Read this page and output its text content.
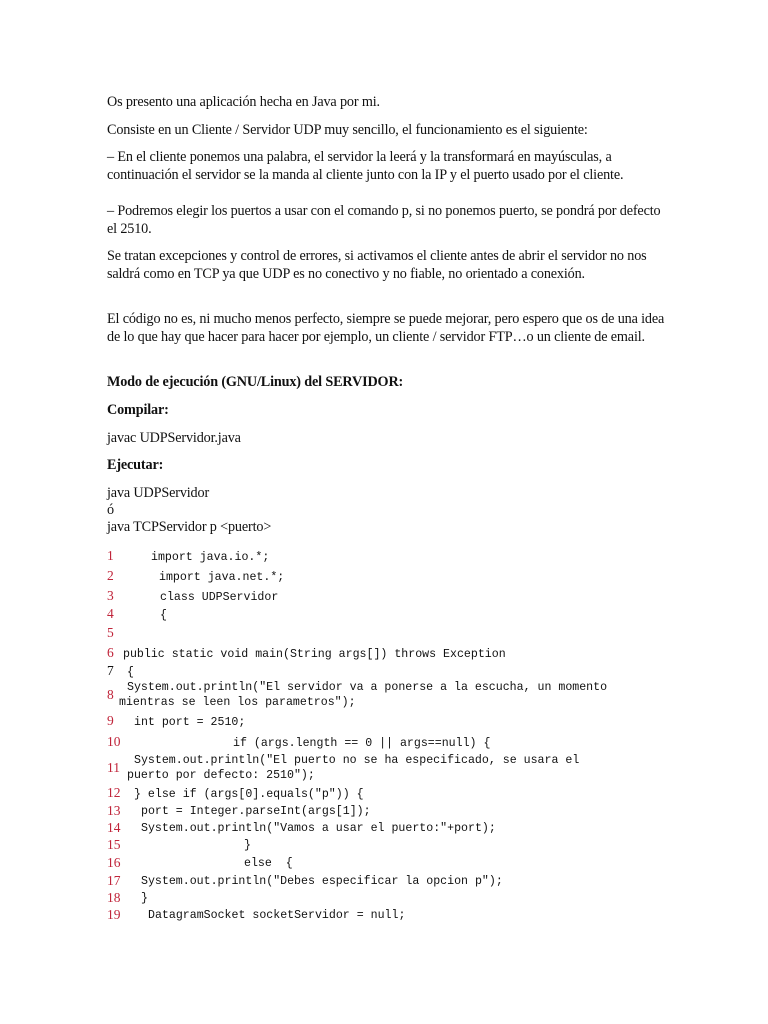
Os presento una aplicación hecha en Java por mi.
Consiste en un Cliente / Servidor UDP muy sencillo, el funcionamiento es el siguiente:
– En el cliente ponemos una palabra, el servidor la leerá y la transformará en mayúsculas, a continuación el servidor se la manda al cliente junto con la IP y el puerto usado por el cliente.
– Podremos elegir los puertos a usar con el comando p, si no ponemos puerto, se pondrá por defecto el 2510.
Se tratan excepciones y control de errores, si activamos el cliente antes de abrir el servidor no nos saldrá como en TCP ya que UDP es no conectivo y no fiable, no orientado a conexión.
El código no es, ni mucho menos perfecto, siempre se puede mejorar, pero espero que os de una idea de lo que hay que hacer para hacer por ejemplo, un cliente / servidor FTP…o un cliente de email.
Modo de ejecución (GNU/Linux) del SERVIDOR:
Compilar:
javac UDPServidor.java
Ejecutar:
java UDPServidor
ó
java TCPServidor p <puerto>
1
2
3
4
5
6
7
8
9
10
11
12
13
14
15
16
17
18
19
import java.io.*;
import java.net.*;
class UDPServidor
{
public static void main(String args[]) throws Exception
{
System.out.println("El servidor va a ponerse a la escucha, un momento
mientras se leen los parametros");
int port = 2510;
if (args.length == 0 || args==null) {
System.out.println("El puerto no se ha especificado, se usara el
puerto por defecto: 2510");
} else if (args[0].equals("p")) {
port = Integer.parseInt(args[1]);
System.out.println("Vamos a usar el puerto:"+port);
}
else  {
System.out.println("Debes especificar la opcion p");
}
DatagramSocket socketServidor = null;
